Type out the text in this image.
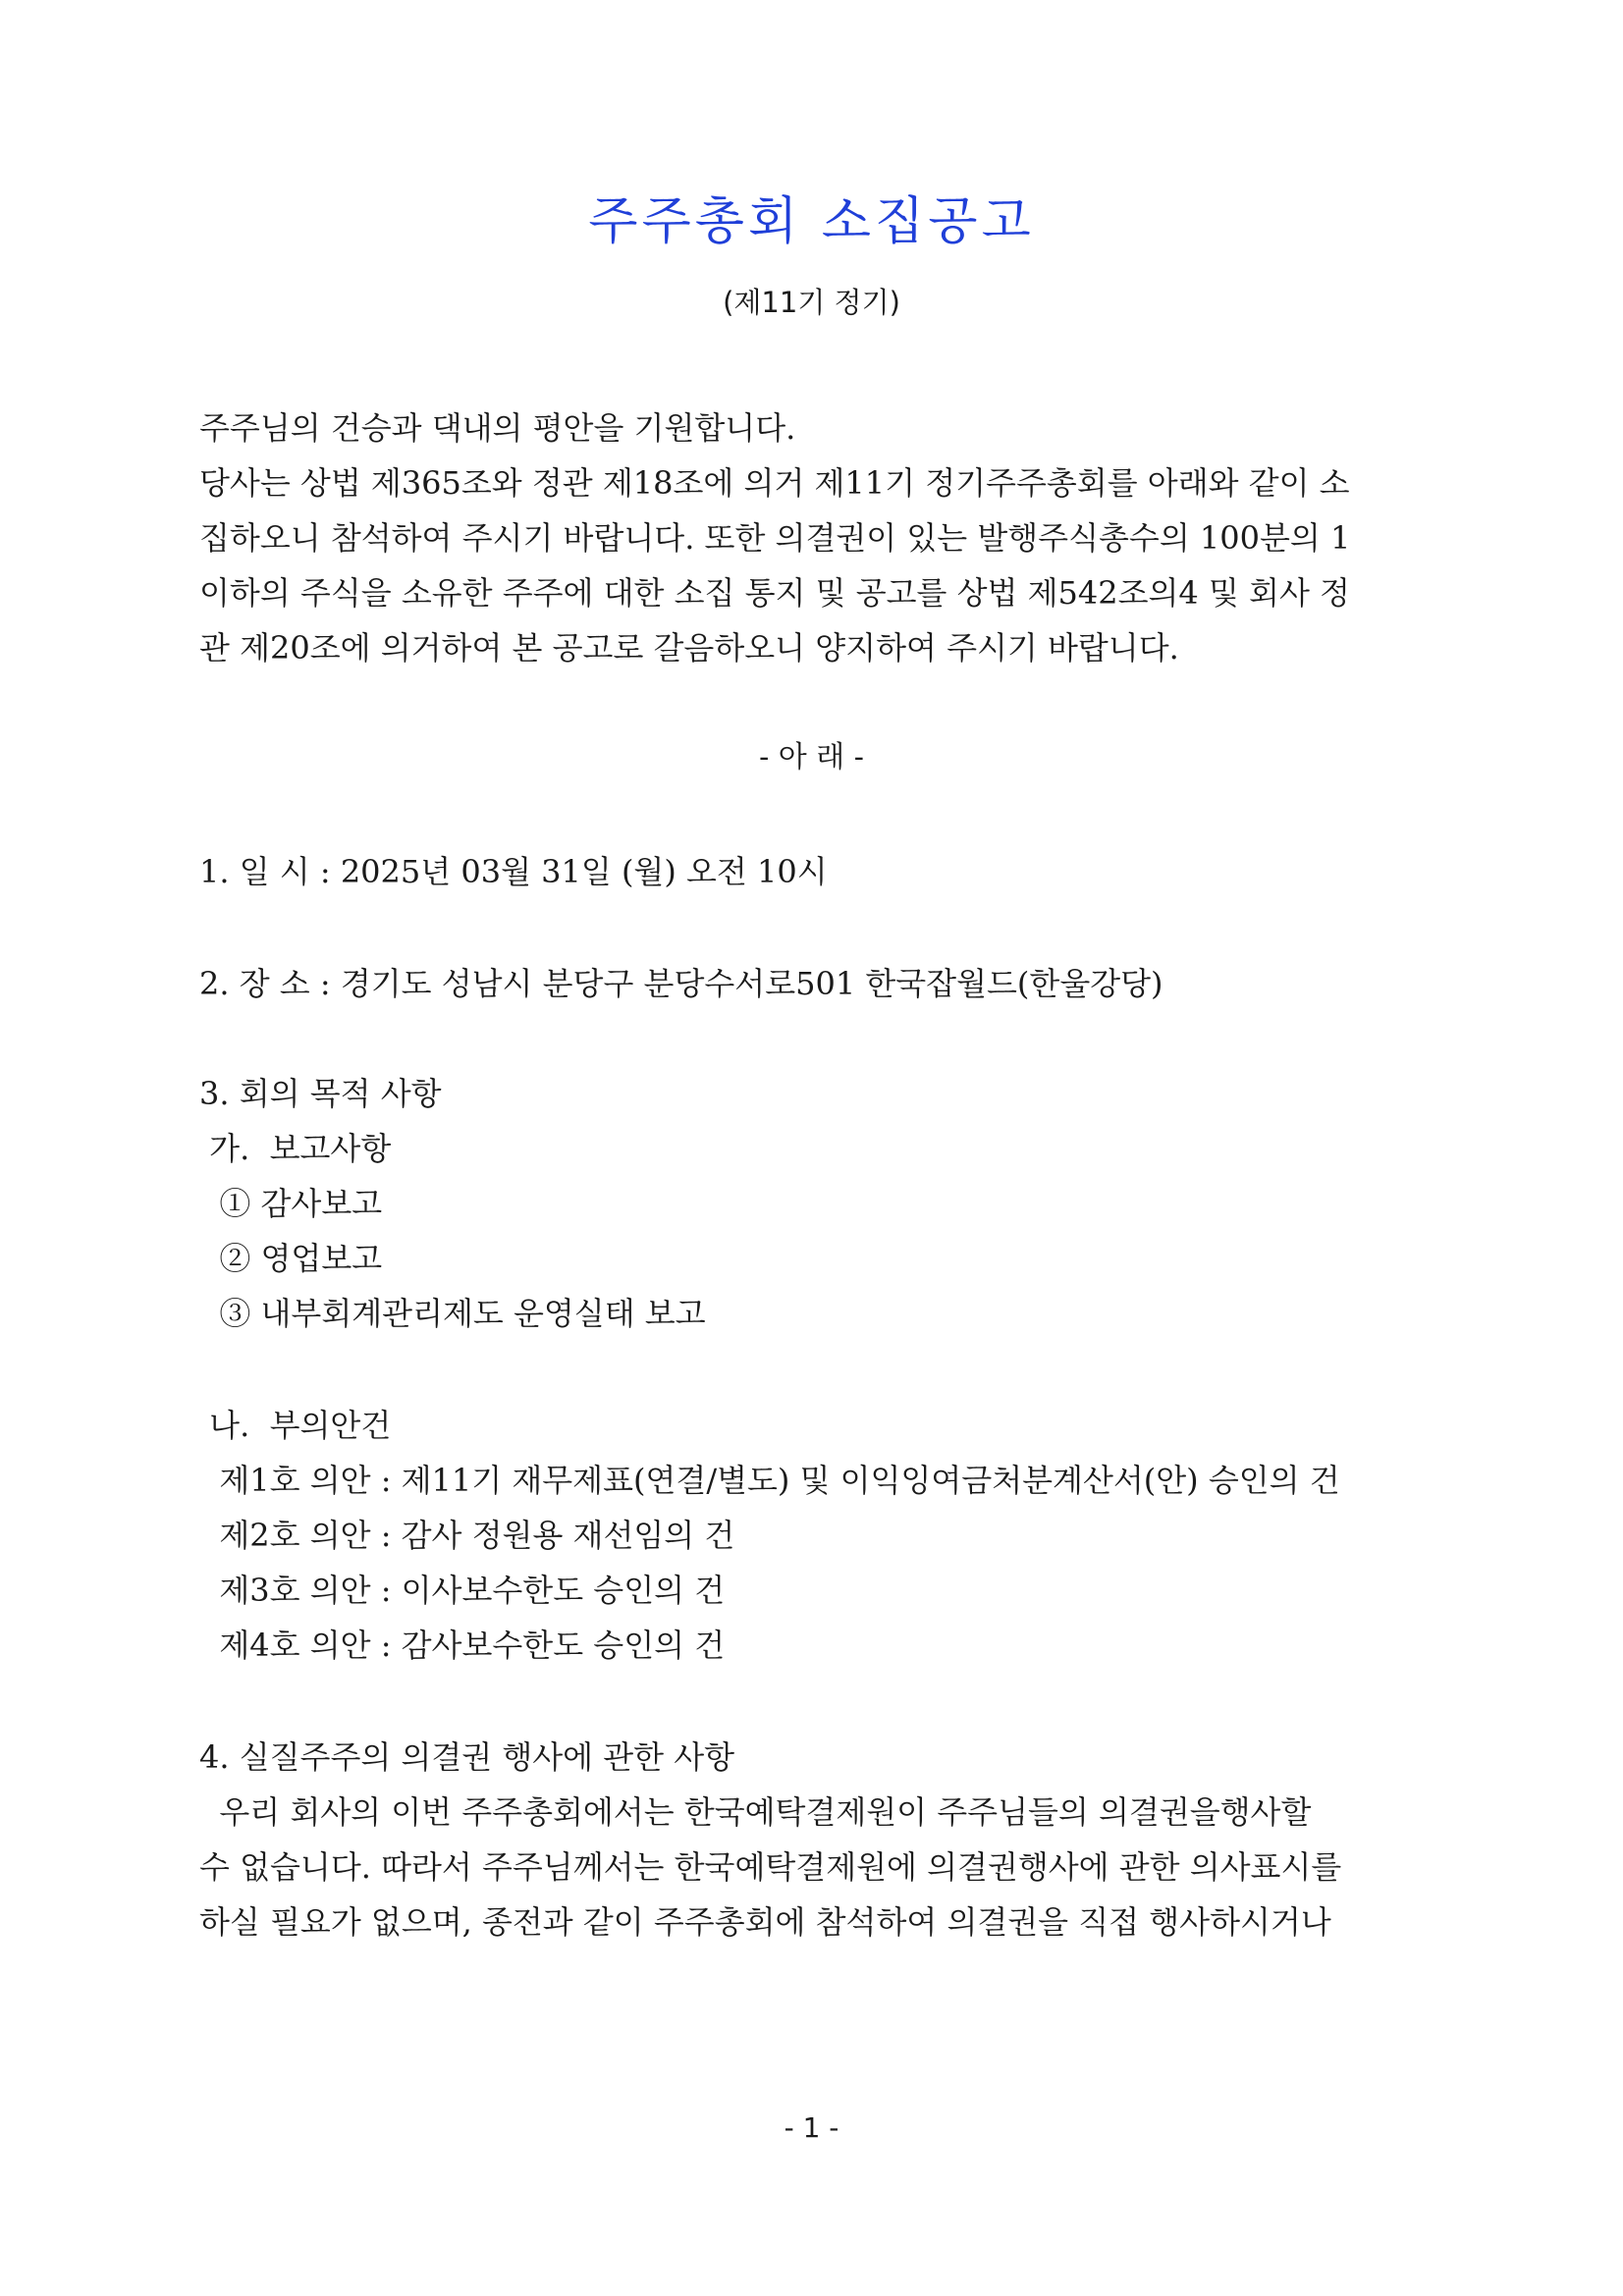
주주총회 소집공고
(제11기 정기)
주주님의 건승과 댁내의 평안을 기원합니다.
당사는 상법 제365조와 정관 제18조에 의거 제11기 정기주주총회를 아래와 같이 소
집하오니 참석하여 주시기 바랍니다. 또한 의결권이 있는 발행주식총수의 100분의 1
이하의 주식을 소유한 주주에 대한 소집 통지 및 공고를 상법 제542조의4 및 회사 정
관 제20조에 의거하여 본 공고로 갈음하오니 양지하여 주시기 바랍니다.
- 아 래 -
1. 일 시 : 2025년 03월 31일 (월) 오전 10시
2. 장 소 : 경기도 성남시 분당구 분당수서로501 한국잡월드(한울강당)
3. 회의 목적 사항
가.  보고사항
① 감사보고
② 영업보고
③ 내부회계관리제도 운영실태 보고
나.  부의안건
제1호 의안 : 제11기 재무제표(연결/별도) 및 이익잉여금처분계산서(안) 승인의 건
제2호 의안 : 감사 정원용 재선임의 건
제3호 의안 : 이사보수한도 승인의 건
제4호 의안 : 감사보수한도 승인의 건
4. 실질주주의 의결권 행사에 관한 사항
우리 회사의 이번 주주총회에서는 한국예탁결제원이 주주님들의 의결권을행사할
수 없습니다. 따라서 주주님께서는 한국예탁결제원에 의결권행사에 관한 의사표시를
하실 필요가 없으며, 종전과 같이 주주총회에 참석하여 의결권을 직접 행사하시거나
- 1 -
